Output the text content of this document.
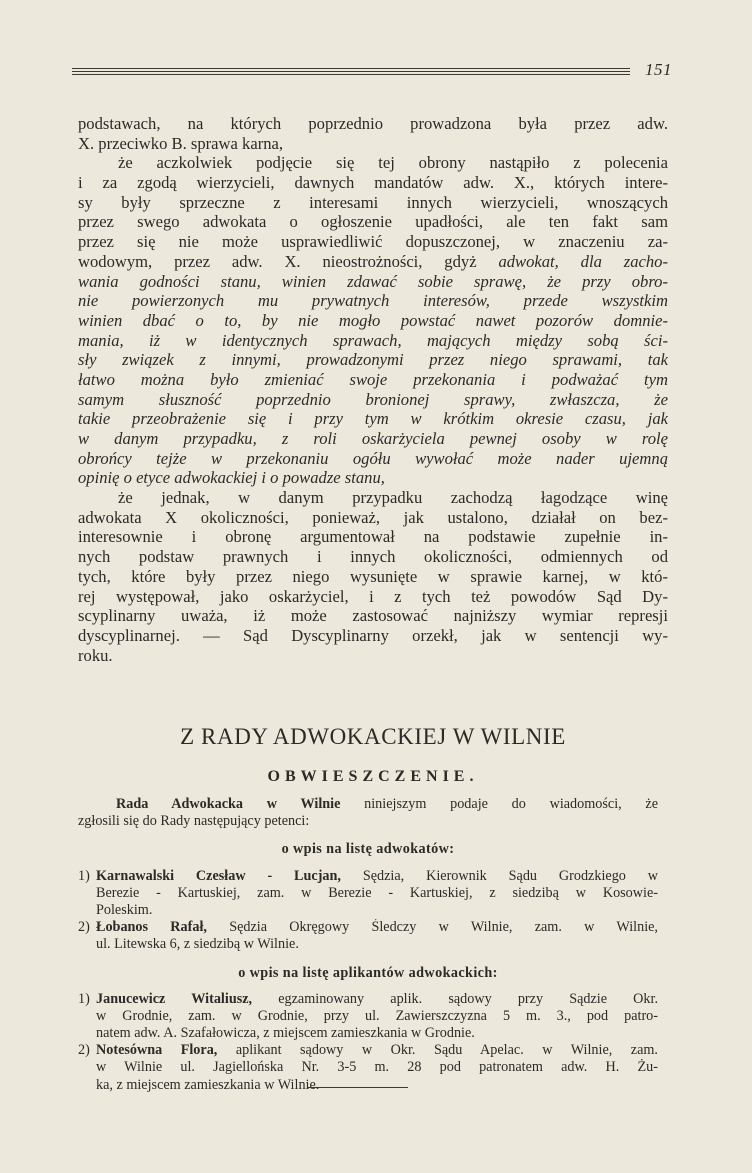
151
podstawach, na których poprzednio prowadzona była przez adw.
X. przeciwko B. sprawa karna,
że aczkolwiek podjęcie się tej obrony nastąpiło z polecenia
i za zgodą wierzycieli, dawnych mandatów adw. X., których intere-
sy były sprzeczne z interesami innych wierzycieli, wnoszących
przez swego adwokata o ogłoszenie upadłości, ale ten fakt sam
przez się nie może usprawiedliwić dopuszczonej, w znaczeniu za-
wodowym, przez adw. X. nieostrożności, gdyż adwokat, dla zacho-
wania godności stanu, winien zdawać sobie sprawę, że przy obro-
nie powierzonych mu prywatnych interesów, przede wszystkim
winien dbać o to, by nie mogło powstać nawet pozorów domnie-
mania, iż w identycznych sprawach, mających między sobą ści-
sły związek z innymi, prowadzonymi przez niego sprawami, tak
łatwo można było zmieniać swoje przekonania i podważać tym
samym słuszność poprzednio bronionej sprawy, zwłaszcza, że
takie przeobrażenie się i przy tym w krótkim okresie czasu, jak
w danym przypadku, z roli oskarżyciela pewnej osoby w rolę
obrońcy tejże w przekonaniu ogółu wywołać może nader ujemną
opinię o etyce adwokackiej i o powadze stanu,
że jednak, w danym przypadku zachodzą łagodzące winę
adwokata X okoliczności, ponieważ, jak ustalono, działał on bez-
interesownie i obronę argumentował na podstawie zupełnie in-
nych podstaw prawnych i innych okoliczności, odmiennych od
tych, które były przez niego wysunięte w sprawie karnej, w któ-
rej występował, jako oskarżyciel, i z tych też powodów Sąd Dy-
scyplinarny uważa, iż może zastosować najniższy wymiar represji
dyscyplinarnej. — Sąd Dyscyplinarny orzekł, jak w sentencji wy-
roku.
Z RADY ADWOKACKIEJ W WILNIE
OBWIESZCZENIE.
Rada Adwokacka w Wilnie niniejszym podaje do wiadomości, że
zgłosili się do Rady następujący petenci:
o wpis na listę adwokatów:
1) Karnawalski Czesław - Lucjan, Sędzia, Kierownik Sądu Grodzkiego w
Berezie - Kartuskiej, zam. w Berezie - Kartuskiej, z siedzibą w Kosowie-
Poleskim.
2) Łobanos Rafał, Sędzia Okręgowy Śledczy w Wilnie, zam. w Wilnie,
ul. Litewska 6, z siedzibą w Wilnie.
o wpis na listę aplikantów adwokackich:
1) Janucewicz Witaliusz, egzaminowany aplik. sądowy przy Sądzie Okr.
w Grodnie, zam. w Grodnie, przy ul. Zawierszczyzna 5 m. 3., pod patro-
natem adw. A. Szafałowicza, z miejscem zamieszkania w Grodnie.
2) Notesówna Flora, aplikant sądowy w Okr. Sądu Apelac. w Wilnie, zam.
w Wilnie ul. Jagiellońska Nr. 3-5 m. 28 pod patronatem adw. H. Żu-
ka, z miejscem zamieszkania w Wilnie.
